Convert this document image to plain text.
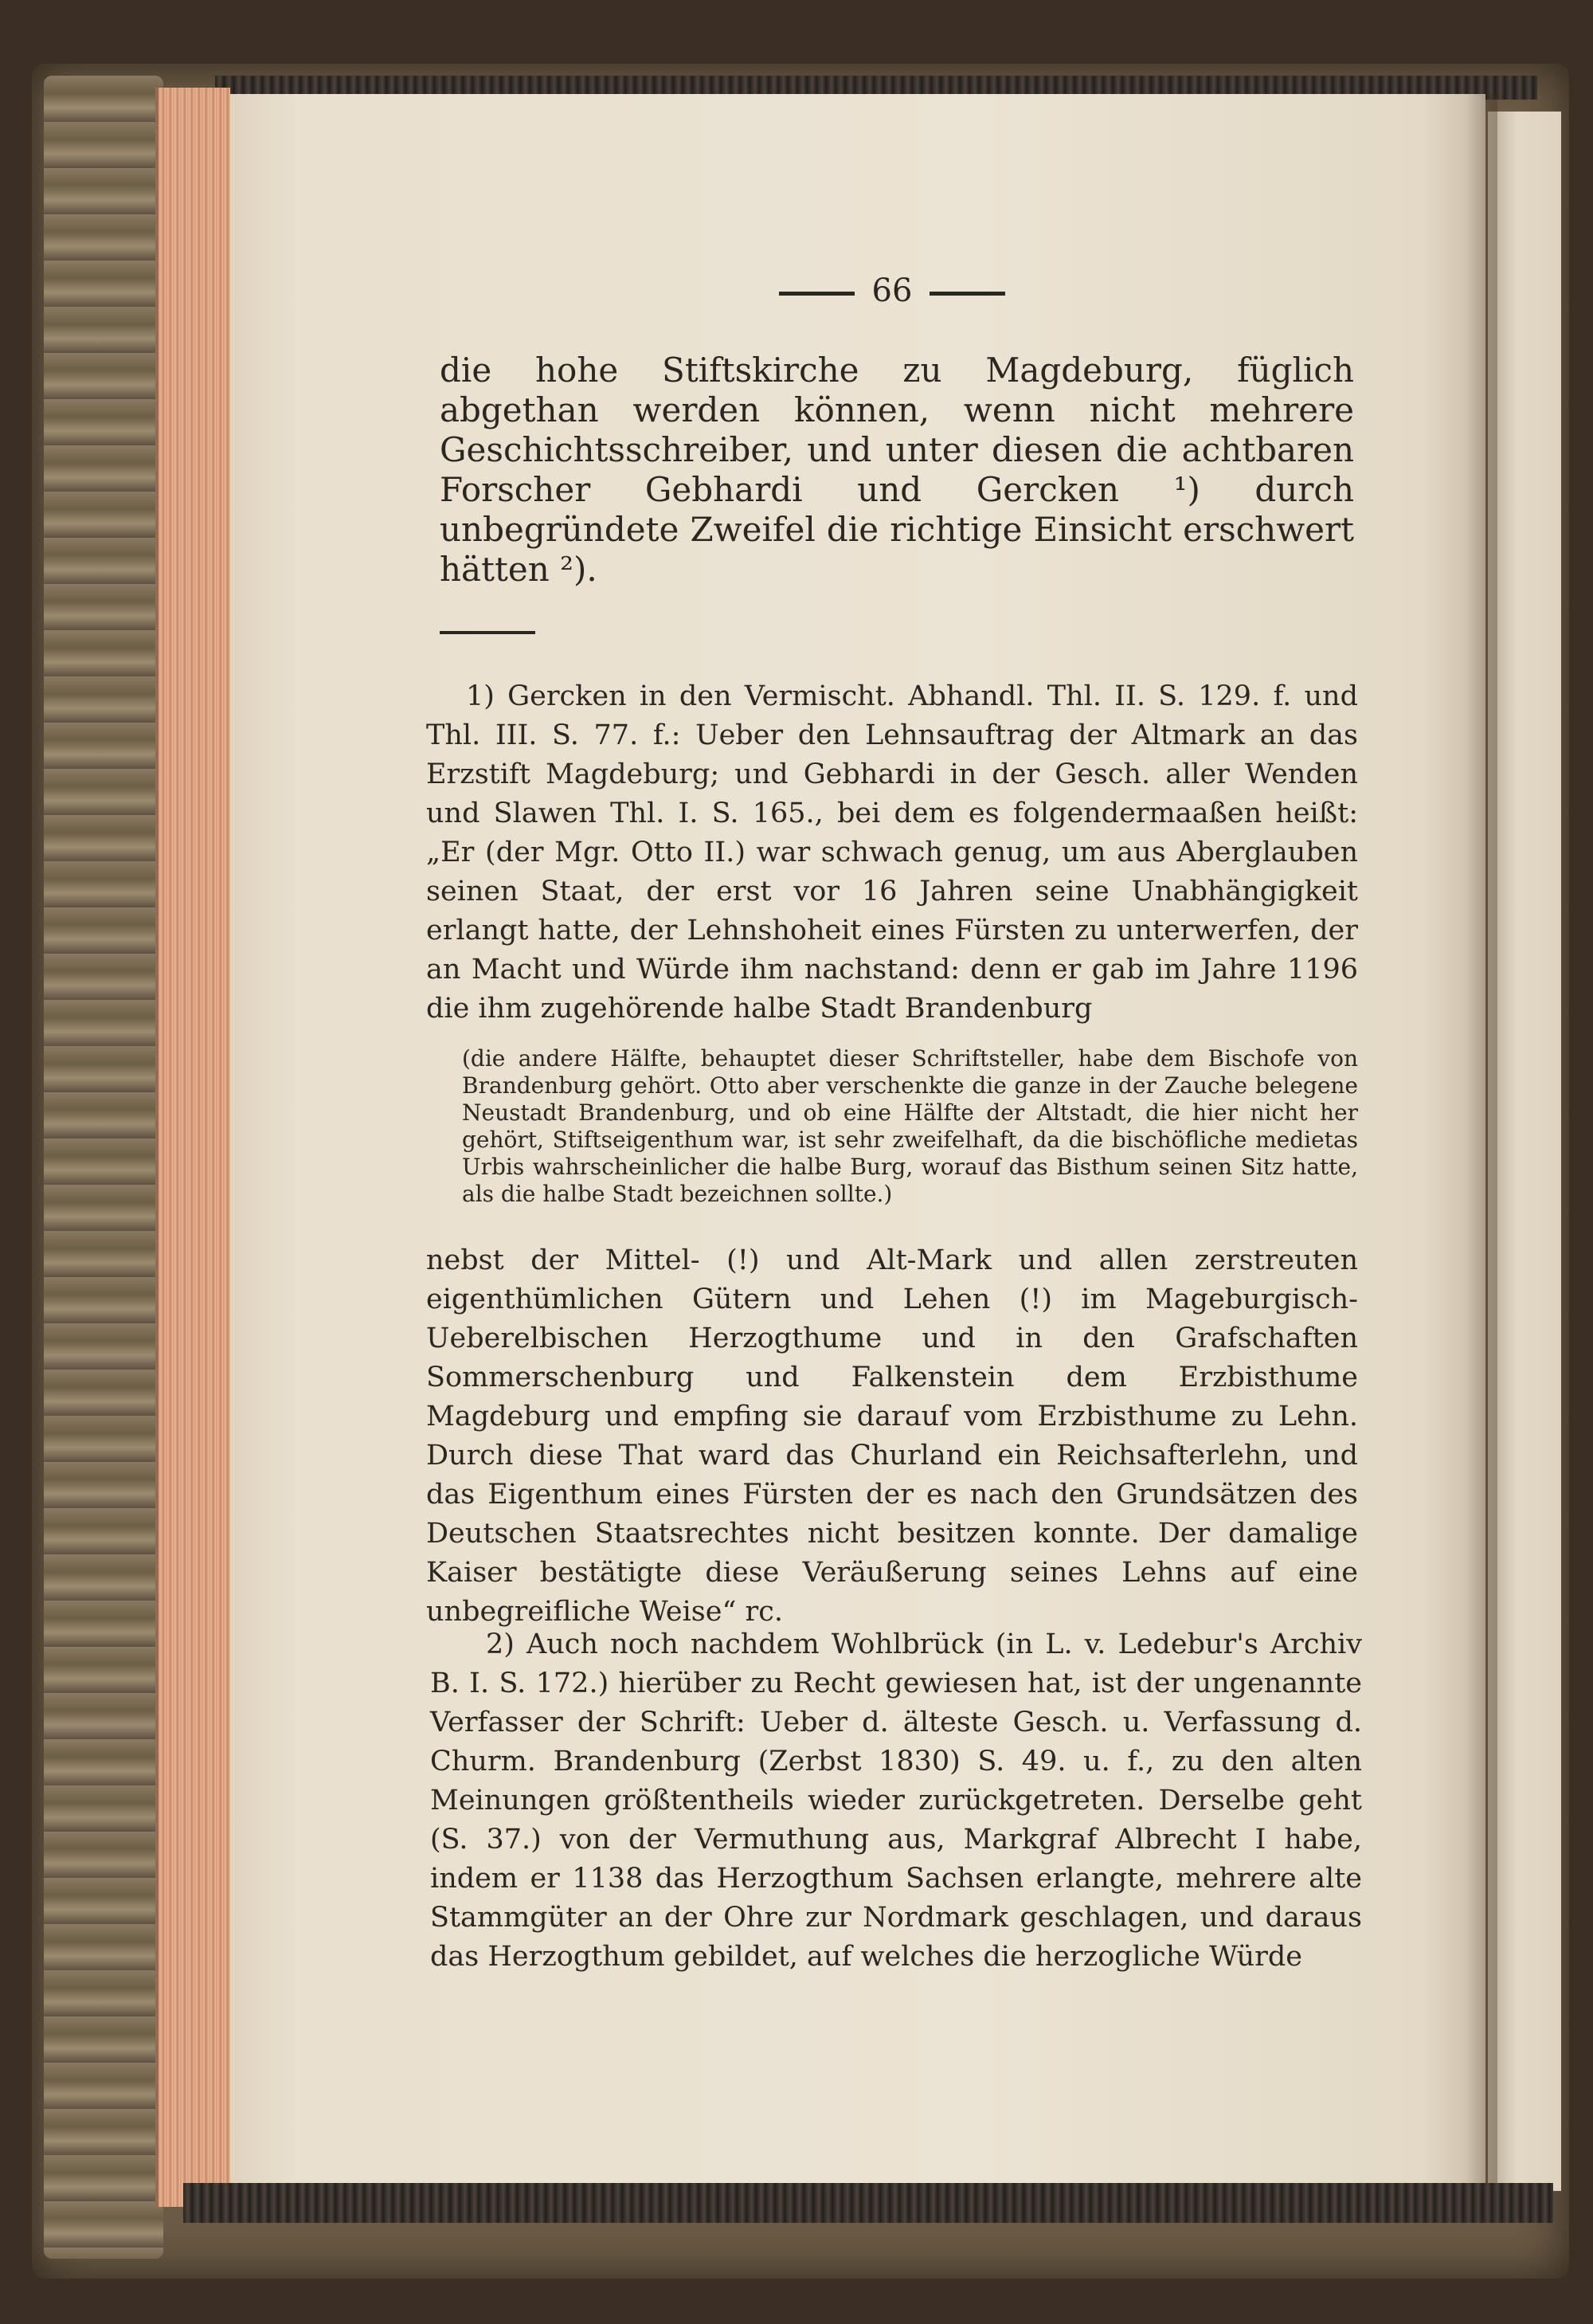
66

die hohe Stiftskirche zu Magdeburg, füglich abgethan werden können, wenn nicht mehrere Geschichtsschreiber, und unter diesen die achtbaren Forscher Gebhardi und Gercken ¹) durch unbegründete Zweifel die richtige Einsicht erschwert hätten ²).

1) Gercken in den Vermischt. Abhandl. Thl. II. S. 129. f. und Thl. III. S. 77. f.: Ueber den Lehnsauftrag der Altmark an das Erzstift Magdeburg; und Gebhardi in der Gesch. aller Wenden und Slawen Thl. I. S. 165., bei dem es folgendermaaßen heißt: „Er (der Mgr. Otto II.) war schwach genug, um aus Aberglauben seinen Staat, der erst vor 16 Jahren seine Unabhängigkeit erlangt hatte, der Lehnshoheit eines Fürsten zu unterwerfen, der an Macht und Würde ihm nachstand: denn er gab im Jahre 1196 die ihm zugehörende halbe Stadt Brandenburg

(die andere Hälfte, behauptet dieser Schriftsteller, habe dem Bischofe von Brandenburg gehört. Otto aber verschenkte die ganze in der Zauche belegene Neustadt Brandenburg, und ob eine Hälfte der Altstadt, die hier nicht her gehört, Stiftseigenthum war, ist sehr zweifelhaft, da die bischöfliche medietas Urbis wahrscheinlicher die halbe Burg, worauf das Bisthum seinen Sitz hatte, als die halbe Stadt bezeichnen sollte.)

nebst der Mittel- (!) und Alt-Mark und allen zerstreuten eigenthümlichen Gütern und Lehen (!) im Mageburgisch-Ueberelbischen Herzogthume und in den Grafschaften Sommerschenburg und Falkenstein dem Erzbisthume Magdeburg und empfing sie darauf vom Erzbisthume zu Lehn. Durch diese That ward das Churland ein Reichsafterlehn, und das Eigenthum eines Fürsten der es nach den Grundsätzen des Deutschen Staatsrechtes nicht besitzen konnte. Der damalige Kaiser bestätigte diese Veräußerung seines Lehns auf eine unbegreifliche Weise“ rc.

2) Auch noch nachdem Wohlbrück (in L. v. Ledebur's Archiv B. I. S. 172.) hierüber zu Recht gewiesen hat, ist der ungenannte Verfasser der Schrift: Ueber d. älteste Gesch. u. Verfassung d. Churm. Brandenburg (Zerbst 1830) S. 49. u. f., zu den alten Meinungen größtentheils wieder zurückgetreten. Derselbe geht (S. 37.) von der Vermuthung aus, Markgraf Albrecht I habe, indem er 1138 das Herzogthum Sachsen erlangte, mehrere alte Stammgüter an der Ohre zur Nordmark geschlagen, und daraus das Herzogthum gebildet, auf welches die herzogliche Würde
